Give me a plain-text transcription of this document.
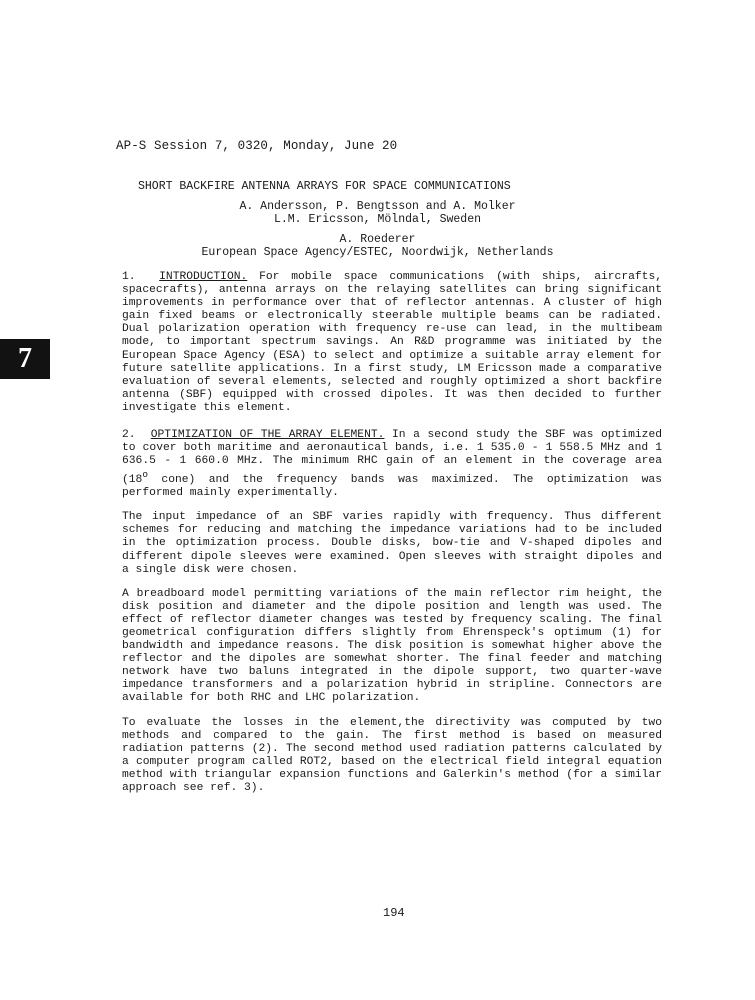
AP-S Session 7, 0320, Monday, June 20
SHORT BACKFIRE ANTENNA ARRAYS FOR SPACE COMMUNICATIONS
A. Andersson, P. Bengtsson and A. Molker
L.M. Ericsson, Mölndal, Sweden
A. Roederer
European Space Agency/ESTEC, Noordwijk, Netherlands
7

1. INTRODUCTION. For mobile space communications (with ships, aircrafts, spacecrafts), antenna arrays on the relaying satellites can bring significant improvements in performance over that of reflector antennas. A cluster of high gain fixed beams or electronically steerable multiple beams can be radiated. Dual polarization operation with frequency re-use can lead, in the multibeam mode, to important spectrum savings. An R&D programme was initiated by the European Space Agency (ESA) to select and optimize a suitable array element for future satellite applications. In a first study, LM Ericsson made a comparative evaluation of several elements, selected and roughly optimized a short backfire antenna (SBF) equipped with crossed dipoles. It was then decided to further investigate this element.

2. OPTIMIZATION OF THE ARRAY ELEMENT. In a second study the SBF was optimized to cover both maritime and aeronautical bands, i.e. 1 535.0 - 1 558.5 MHz and 1 636.5 - 1 660.0 MHz. The minimum RHC gain of an element in the coverage area (18$^o$ cone) and the frequency bands was maximized. The optimization was performed mainly experimentally.

The input impedance of an SBF varies rapidly with frequency. Thus different schemes for reducing and matching the impedance variations had to be included in the optimization process. Double disks, bow-tie and V-shaped dipoles and different dipole sleeves were examined. Open sleeves with straight dipoles and a single disk were chosen.

A breadboard model permitting variations of the main reflector rim height, the disk position and diameter and the dipole position and length was used. The effect of reflector diameter changes was tested by frequency scaling. The final geometrical configuration differs slightly from Ehrenspeck's optimum (1) for bandwidth and impedance reasons. The disk position is somewhat higher above the reflector and the dipoles are somewhat shorter. The final feeder and matching network have two baluns integrated in the dipole support, two quarter-wave impedance transformers and a polarization hybrid in stripline. Connectors are available for both RHC and LHC polarization.

To evaluate the losses in the element,the directivity was computed by two methods and compared to the gain. The first method is based on measured radiation patterns (2). The second method used radiation patterns calculated by a computer program called ROT2, based on the electrical field integral equation method with triangular expansion functions and Galerkin's method (for a similar approach see ref. 3).

194
